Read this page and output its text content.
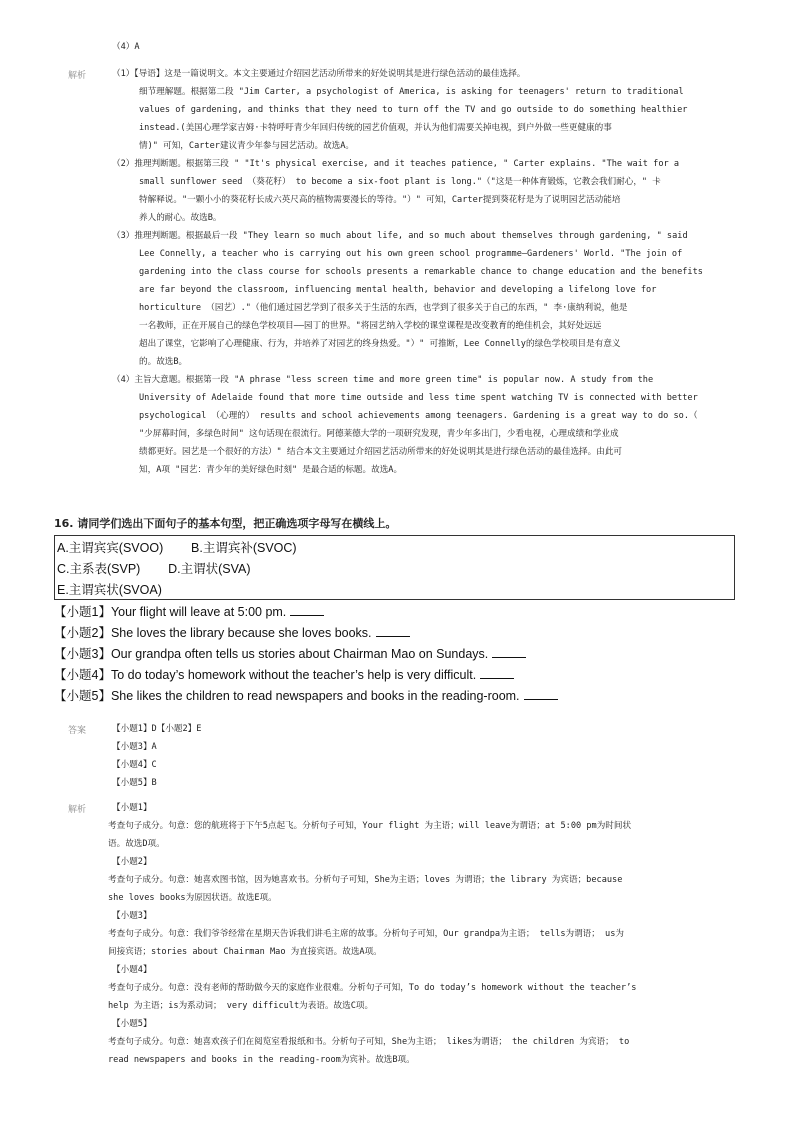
（4）A
解析	（1）【导语】这是一篇说明文。本文主要通过介绍园艺活动所带来的好处说明其是进行绿色活动的最佳选择。
细节理解题。根据第二段 "Jim Carter, a psychologist of America, is asking for teenagers' return to traditional
values of gardening, and thinks that they need to turn off the TV and go outside to do something healthier
instead.(美国心理学家吉姆·卡特呼吁青少年回归传统的园艺价值观，并认为他们需要关掉电视，到户外做一些更健康的事
情)" 可知，Carter建议青少年参与园艺活动。故选A。
（2）推理判断题。根据第三段 " "It's physical exercise, and it teaches patience, " Carter explains. "The wait for a
small sunflower seed （葵花籽） to become a six-foot plant is long."（"这是一种体育锻炼，它教会我们耐心，" 卡
特解释说。"一颗小小的葵花籽长成六英尺高的植物需要漫长的等待。"）" 可知，Carter提到葵花籽是为了说明园艺活动能培
养人的耐心。故选B。
（3）推理判断题。根据最后一段 "They learn so much about life, and so much about themselves through gardening, " said
Lee Connelly, a teacher who is carrying out his own green school programme—Gardeners' World. "The join of
gardening into the class course for schools presents a remarkable chance to change education and the benefits
are far beyond the classroom, influencing mental health, behavior and developing a lifelong love for
horticulture （园艺）."（他们通过园艺学到了很多关于生活的东西，也学到了很多关于自己的东西，" 李·康纳利说，他是
一名教师，正在开展自己的绿色学校项目——园丁的世界。"将园艺纳入学校的课堂课程是改变教育的绝佳机会，其好处远远
超出了课堂，它影响了心理健康、行为，并培养了对园艺的终身热爱。"）" 可推断，Lee Connelly的绿色学校项目是有意义
的。故选B。
（4）主旨大意题。根据第一段 "A phrase "less screen time and more green time" is popular now. A study from the
University of Adelaide found that more time outside and less time spent watching TV is connected with better
psychological （心理的） results and school achievements among teenagers. Gardening is a great way to do so.（
"少屏幕时间，多绿色时间" 这句话现在很流行。阿德莱德大学的一项研究发现，青少年多出门，少看电视，心理成绩和学业成
绩都更好。园艺是一个很好的方法）" 结合本文主要通过介绍园艺活动所带来的好处说明其是进行绿色活动的最佳选择。由此可
知，A项 "园艺：青少年的美好绿色时刻" 是最合适的标题。故选A。
16. 请同学们选出下面句子的基本句型，把正确选项字母写在横线上。
A.主谓宾宾(SVOO)        B.主谓宾补(SVOC)
C.主系表(SVP)        D.主谓状(SVA)
E.主谓宾状(SVOA)
【小题1】Your flight will leave at 5:00 pm.
【小题2】She loves the library because she loves books.
【小题3】Our grandpa often tells us stories about Chairman Mao on Sundays.
【小题4】To do today’s homework without the teacher’s help is very difficult.
【小题5】She likes the children to read newspapers and books in the reading-room.
答案	【小题1】D【小题2】E
【小题3】A
【小题4】C
【小题5】B
解析	【小题1】
考查句子成分。句意：您的航班将于下午5点起飞。分析句子可知，Your flight 为主语；will leave为谓语；at 5:00 pm为时间状
语。故选D项。
【小题2】
考查句子成分。句意：她喜欢图书馆，因为她喜欢书。分析句子可知，She为主语；loves 为谓语；the library 为宾语；because
she loves books为原因状语。故选E项。
【小题3】
考查句子成分。句意：我们爷爷经常在星期天告诉我们讲毛主席的故事。分析句子可知，Our grandpa为主语； tells为谓语； us为
间接宾语；stories about Chairman Mao 为直接宾语。故选A项。
【小题4】
考查句子成分。句意：没有老师的帮助做今天的家庭作业很难。分析句子可知，To do today’s homework without the teacher’s
help 为主语；is为系动词； very difficult为表语。故选C项。
【小题5】
考查句子成分。句意：她喜欢孩子们在阅览室看报纸和书。分析句子可知，She为主语； likes为谓语； the children 为宾语； to
read newspapers and books in the reading-room为宾补。故选B项。
